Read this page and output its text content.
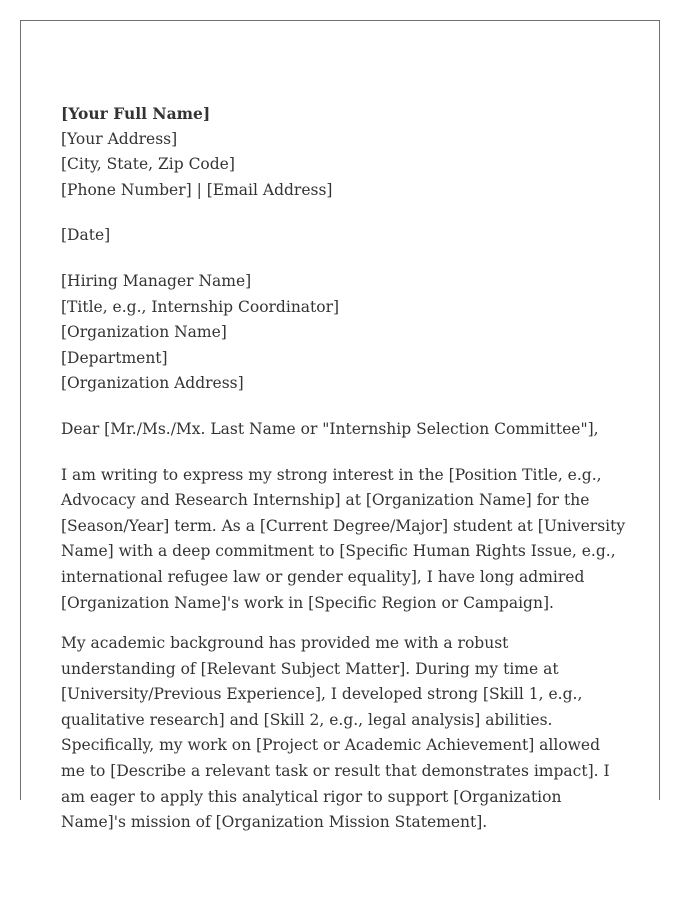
[Your Full Name]
[Your Address]
[City, State, Zip Code]
[Phone Number] | [Email Address]
[Date]
[Hiring Manager Name]
[Title, e.g., Internship Coordinator]
[Organization Name]
[Department]
[Organization Address]
Dear [Mr./Ms./Mx. Last Name or "Internship Selection Committee"],

I am writing to express my strong interest in the [Position Title, e.g., Advocacy and Research Internship] at [Organization Name] for the [Season/Year] term. As a [Current Degree/Major] student at [University Name] with a deep commitment to [Specific Human Rights Issue, e.g., international refugee law or gender equality], I have long admired [Organization Name]'s work in [Specific Region or Campaign].

My academic background has provided me with a robust understanding of [Relevant Subject Matter]. During my time at [University/Previous Experience], I developed strong [Skill 1, e.g., qualitative research] and [Skill 2, e.g., legal analysis] abilities. Specifically, my work on [Project or Academic Achievement] allowed me to [Describe a relevant task or result that demonstrates impact]. I am eager to apply this analytical rigor to support [Organization Name]'s mission of [Organization Mission Statement].
